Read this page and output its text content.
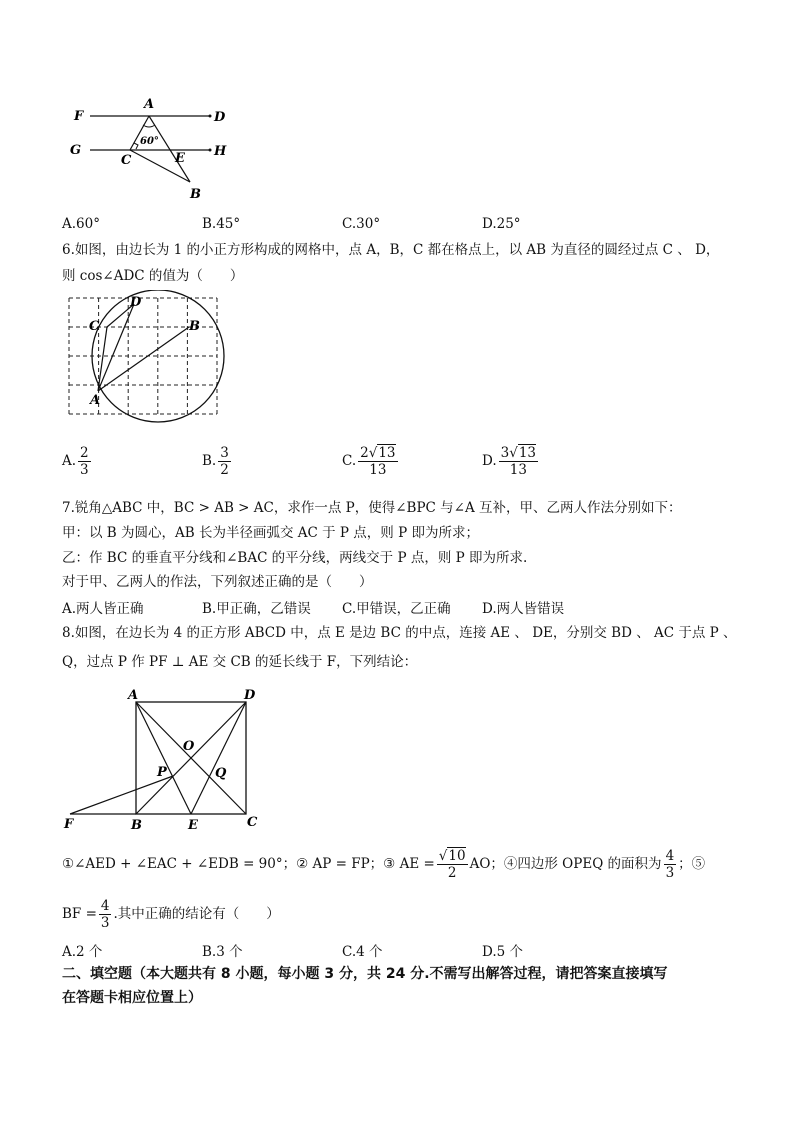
F
A
D
G
C	E H
B
60°
A.60°	B.45°	C.30°	D.25°
6.如图，由边长为 1 的小正方形构成的网格中，点 A，B，C 都在格点上，以 AB 为直径的圆经过点 C 、 D，
则 cos∠ADC 的值为（　　）
A
B
C
D
A. $\frac{2}{3}$	B. $\frac{3}{2}$	C. $\frac{2√13}{13}$	D. $\frac{3√13}{13}$
7.锐角△ABC 中，BC > AB > AC，求作一点 P，使得∠BPC 与∠A 互补，甲、乙两人作法分别如下：
甲：以 B 为圆心，AB 长为半径画弧交 AC 于 P 点，则 P 即为所求；
乙：作 BC 的垂直平分线和∠BAC 的平分线，两线交于 P 点，则 P 即为所求.
对于甲、乙两人的作法，下列叙述正确的是（　　）
A.两人皆正确	B.甲正确，乙错误 C.甲错误，乙正确 D.两人皆错误
8.如图，在边长为 4 的正方形 ABCD 中，点 E 是边 BC 的中点，连接 AE 、 DE，分别交 BD 、 AC 于点 P 、
Q，过点 P 作 PF ⊥ AE 交 CB 的延长线于 F，下列结论：
A	D
O
P	Q
F	B	E	C
①∠AED + ∠EAC + ∠EDB = 90°；② AP = FP；③ AE = $\frac{√10}{2}$ AO；④四边形 OPEQ 的面积为 $\frac{4}{3}$ ；⑤
BF = $\frac{4}{3}$ .其中正确的结论有（　　）
A.2 个	B.3 个	C.4 个	D.5 个
二、填空题（本大题共有 8 小题，每小题 3 分，共 24 分.不需写出解答过程，请把答案直接填写
在答题卡相应位置上）
